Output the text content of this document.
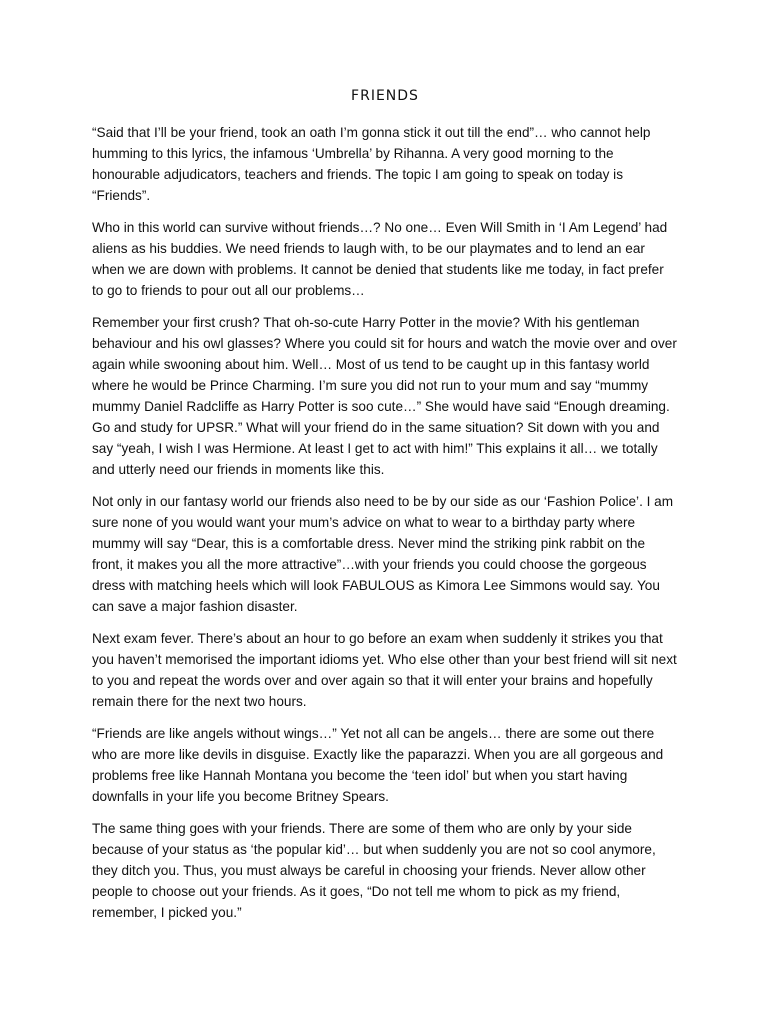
FRIENDS

“Said that I’ll be your friend, took an oath I’m gonna stick it out till the end”… who cannot help humming to this lyrics, the infamous ‘Umbrella’ by Rihanna. A very good morning to the honourable adjudicators, teachers and friends. The topic I am going to speak on today is “Friends”.

Who in this world can survive without friends…? No one… Even Will Smith in ‘I Am Legend’ had aliens as his buddies. We need friends to laugh with, to be our playmates and to lend an ear when we are down with problems. It cannot be denied that students like me today, in fact prefer to go to friends to pour out all our problems…

Remember your first crush? That oh-so-cute Harry Potter in the movie? With his gentleman behaviour and his owl glasses? Where you could sit for hours and watch the movie over and over again while swooning about him. Well… Most of us tend to be caught up in this fantasy world where he would be Prince Charming. I’m sure you did not run to your mum and say “mummy mummy Daniel Radcliffe as Harry Potter is soo cute…” She would have said “Enough dreaming. Go and study for UPSR.” What will your friend do in the same situation? Sit down with you and say “yeah, I wish I was Hermione. At least I get to act with him!” This explains it all… we totally and utterly need our friends in moments like this.

Not only in our fantasy world our friends also need to be by our side as our ‘Fashion Police’. I am sure none of you would want your mum’s advice on what to wear to a birthday party where mummy will say “Dear, this is a comfortable dress. Never mind the striking pink rabbit on the front, it makes you all the more attractive”…with your friends you could choose the gorgeous dress with matching heels which will look FABULOUS as Kimora Lee Simmons would say. You can save a major fashion disaster.

Next exam fever. There’s about an hour to go before an exam when suddenly it strikes you that you haven’t memorised the important idioms yet. Who else other than your best friend will sit next to you and repeat the words over and over again so that it will enter your brains and hopefully remain there for the next two hours.

“Friends are like angels without wings…” Yet not all can be angels… there are some out there who are more like devils in disguise. Exactly like the paparazzi. When you are all gorgeous and problems free like Hannah Montana you become the ‘teen idol’ but when you start having downfalls in your life you become Britney Spears.

The same thing goes with your friends. There are some of them who are only by your side because of your status as ‘the popular kid’… but when suddenly you are not so cool anymore, they ditch you. Thus, you must always be careful in choosing your friends. Never allow other people to choose out your friends. As it goes, “Do not tell me whom to pick as my friend, remember, I picked you.”
